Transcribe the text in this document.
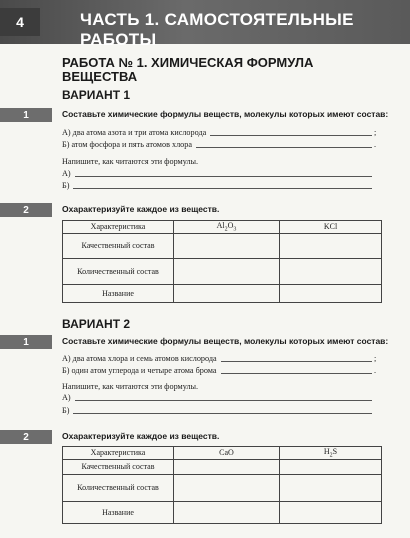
4	ЧАСТЬ 1. САМОСТОЯТЕЛЬНЫЕ РАБОТЫ
РАБОТА № 1. ХИМИЧЕСКАЯ ФОРМУЛА ВЕЩЕСТВА
ВАРИАНТ 1
1	Составьте химические формулы веществ, молекулы которых имеют состав:
А) два атома азота и три атома кислорода	;
Б) атом фосфора и пять атомов хлора	.
Напишите, как читаются эти формулы.
А)
Б)
2	Охарактеризуйте каждое из веществ.
Характеристика	$Al_2O_3$	KCl
Качественный состав		
Количественный состав		
Название		
ВАРИАНТ 2
1	Составьте химические формулы веществ, молекулы которых имеют состав:
А) два атома хлора и семь атомов кислорода	;
Б) один атом углерода и четыре атома брома	.
Напишите, как читаются эти формулы.
А)
Б)
2	Охарактеризуйте каждое из веществ.
Характеристика	CaO	$H_2S$
Качественный состав		
Количественный состав		
Название		
